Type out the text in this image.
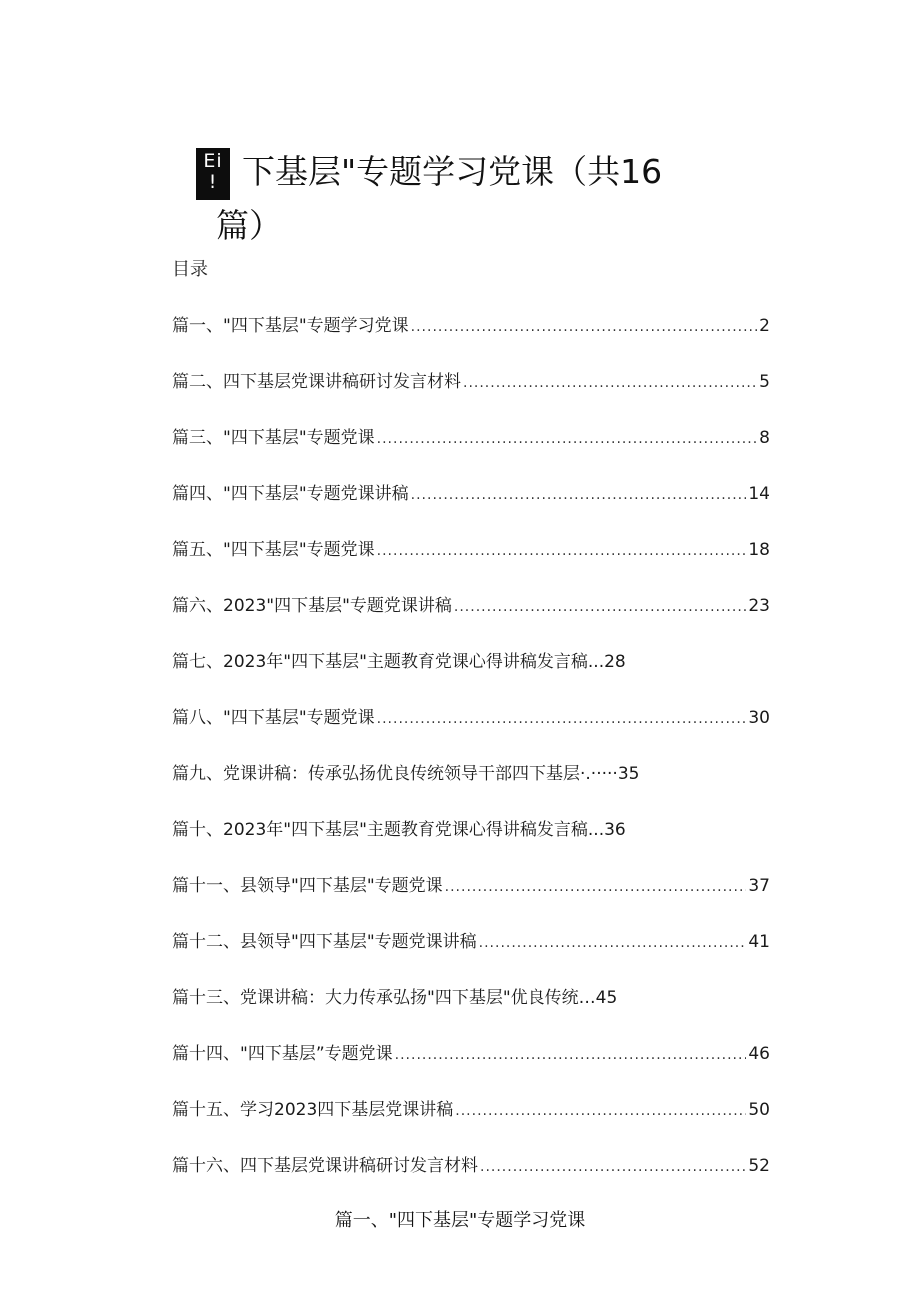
Ei
! 下基层"专题学习党课（共16
篇）
目录
篇一、"四下基层"专题学习党课 .....	2
篇二、四下基层党课讲稿研讨发言材料 .....	5
篇三、"四下基层"专题党课 .....	8
篇四、"四下基层"专题党课讲稿 .....	14
篇五、"四下基层"专题党课 .....	18
篇六、2023"四下基层"专题党课讲稿 .....	23
篇七、2023年"四下基层"主题教育党课心得讲稿发言稿...28
篇八、"四下基层"专题党课 .....	30
篇九、党课讲稿：传承弘扬优良传统领导干部四下基层·.·····35
篇十、2023年"四下基层"主题教育党课心得讲稿发言稿...36
篇十一、县领导"四下基层"专题党课 .....	37
篇十二、县领导"四下基层"专题党课讲稿 .....	41
篇十三、党课讲稿：大力传承弘扬"四下基层"优良传统…45
篇十四、"四下基层”专题党课 .....	46
篇十五、学习2023四下基层党课讲稿 .....	50
篇十六、四下基层党课讲稿研讨发言材料 .....	52
篇一、"四下基层"专题学习党课
